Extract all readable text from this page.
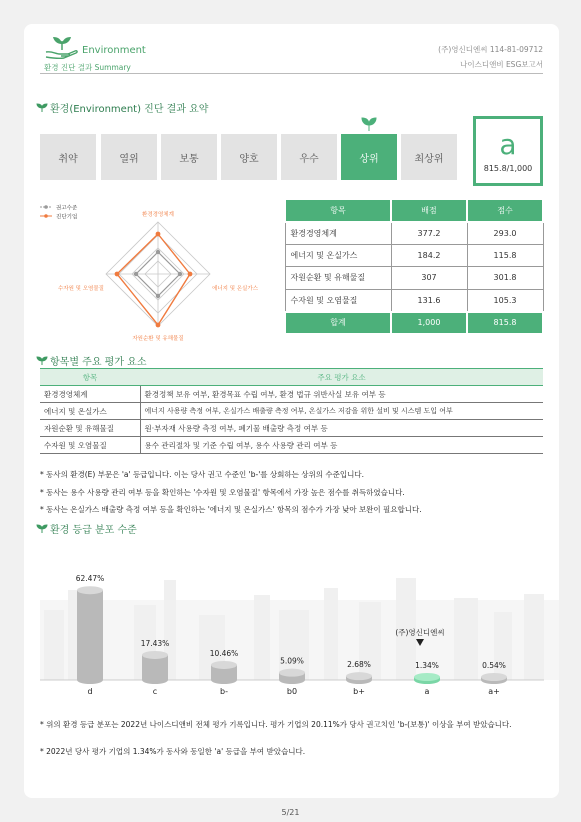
Environment
환경 진단 결과 Summary
(주)영신디엔씨 114-81-09712
나이스디앤비 ESG보고서
환경(Environment) 진단 결과 요약
취약	열위	보통	양호	우수	상위	최상위 a
815.8/1,000
권고수준
진단기업	환경경영체계
에너지 및 온실가스
자원순환 및 유해물질
수자원 및 오염물질
항목	배점	점수
환경경영체계	377.2	293.0
에너지 및 온실가스	184.2	115.8
자원순환 및 유해물질	307	301.8
수자원 및 오염물질	131.6	105.3
합계	1,000	815.8
항목별 주요 평가 요소
항목	주요 평가 요소
환경경영체계	환경정책 보유 여부, 환경목표 수립 여부, 환경 법규 위반사실 보유 여부 등
에너지 및 온실가스	에너지 사용량 측정 여부, 온실가스 배출량 측정 여부, 온실가스 저감을 위한 설비 및 시스템 도입 여부
자원순환 및 유해물질	원·부자재 사용량 측정 여부, 폐기물 배출량 측정 여부 등
수자원 및 오염물질	용수 관리절차 및 기준 수립 여부, 용수 사용량 관리 여부 등
* 동사의 환경(E) 부문은 'a' 등급입니다. 이는 당사 권고 수준인 'b-'를 상회하는 상위의 수준입니다.
* 동사는 용수 사용량 관리 여부 등을 확인하는 '수자원 및 오염물질' 항목에서 가장 높은 점수를 취득하였습니다.
* 동사는 온실가스 배출량 측정 여부 등을 확인하는 '에너지 및 온실가스' 항목의 점수가 가장 낮아 보완이 필요합니다.
환경 등급 분포 수준
62.47%
d
17.43%
c
10.46%
b-
5.09%
b0
2.68%
b+
1.34%
a
0.54%
a+
(주)영신디엔씨
* 위의 환경 등급 분포는 2022년 나이스디앤비 전체 평가 기록입니다. 평가 기업의 20.11%가 당사 권고치인 'b-(보통)' 이상을 부여 받았습니다.
* 2022년 당사 평가 기업의 1.34%가 동사와 동일한 'a' 등급을 부여 받았습니다.
5/21
